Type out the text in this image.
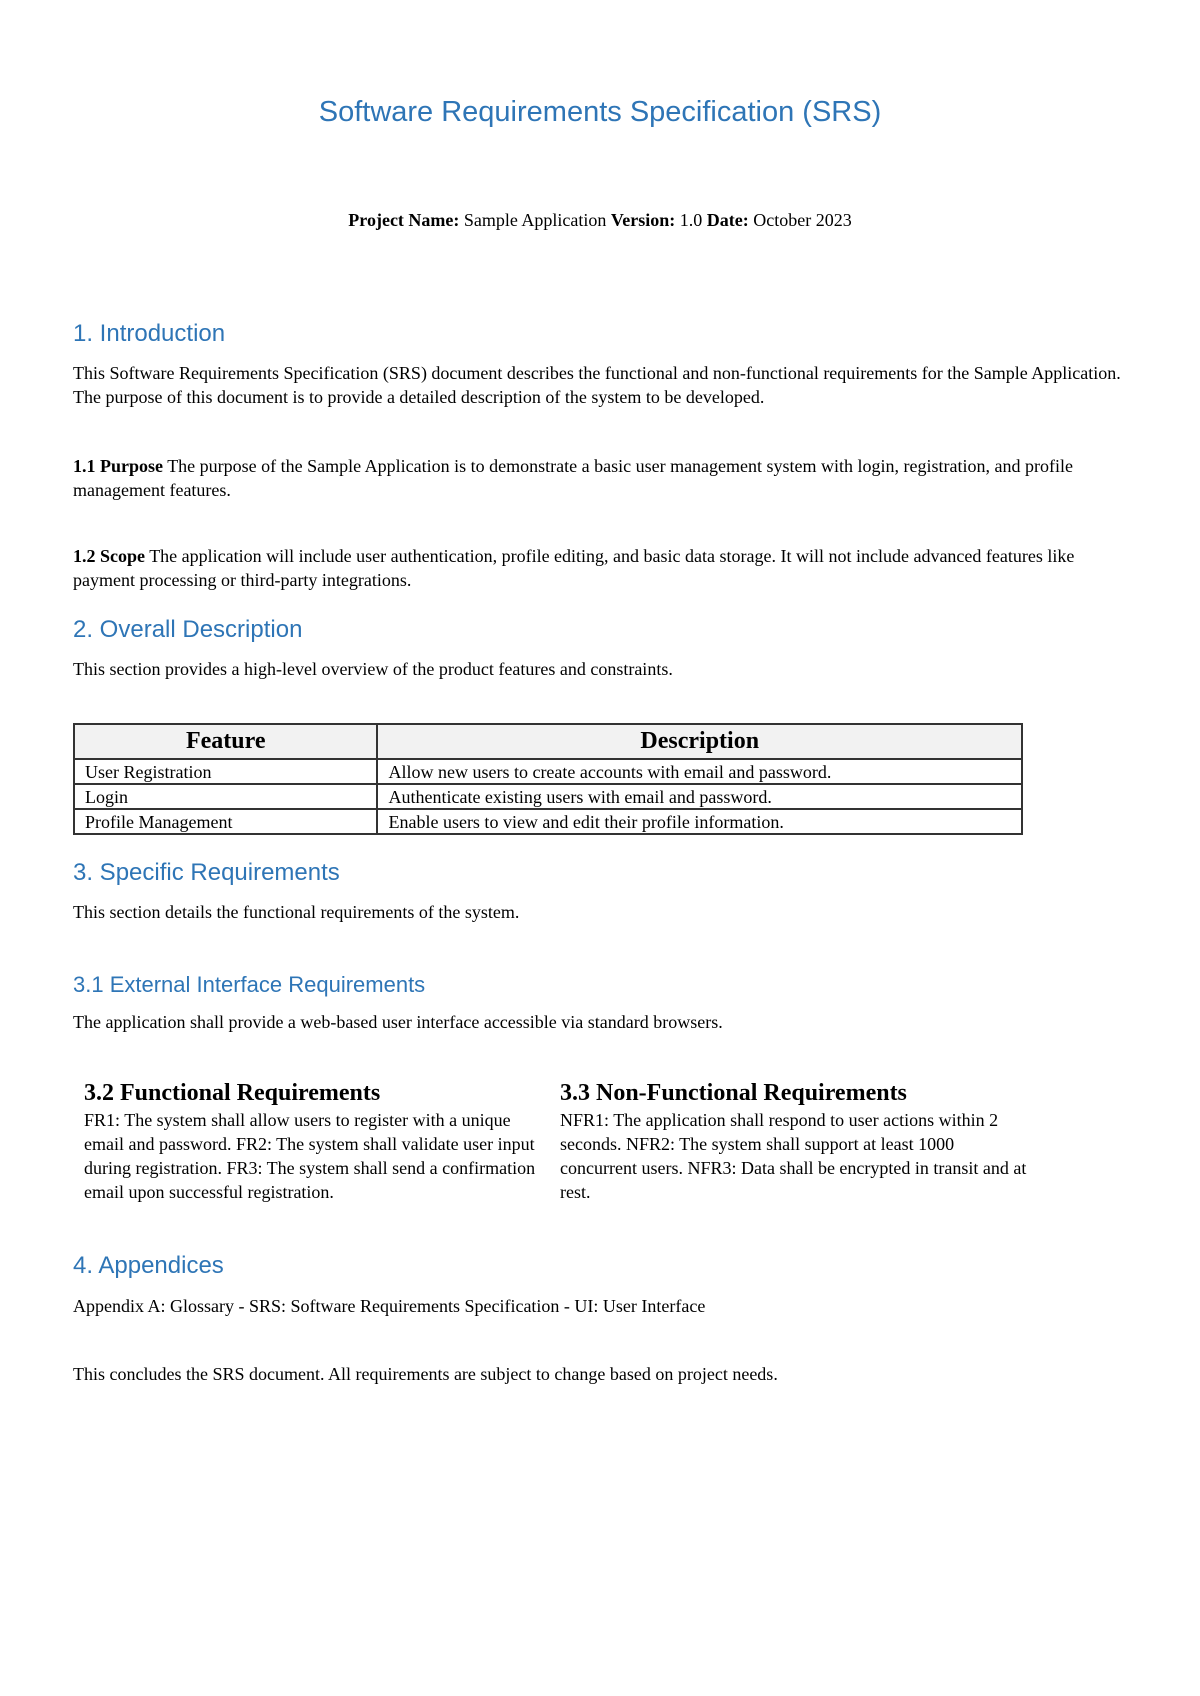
Software Requirements Specification (SRS)
Project Name: Sample Application Version: 1.0 Date: October 2023
1. Introduction
This Software Requirements Specification (SRS) document describes the functional and non-functional requirements for the Sample Application. The purpose of this document is to provide a detailed description of the system to be developed.
1.1 Purpose The purpose of the Sample Application is to demonstrate a basic user management system with login, registration, and profile management features.
1.2 Scope The application will include user authentication, profile editing, and basic data storage. It will not include advanced features like payment processing or third-party integrations.
2. Overall Description
This section provides a high-level overview of the product features and constraints.
Feature	Description
User Registration	Allow new users to create accounts with email and password.
Login	Authenticate existing users with email and password.
Profile Management	Enable users to view and edit their profile information.
3. Specific Requirements
This section details the functional requirements of the system.
3.1 External Interface Requirements
The application shall provide a web-based user interface accessible via standard browsers.
3.2 Functional Requirements

FR1: The system shall allow users to register with a unique email and password. FR2: The system shall validate user input during registration. FR3: The system shall send a confirmation email upon successful registration.

3.3 Non-Functional Requirements

NFR1: The application shall respond to user actions within 2 seconds. NFR2: The system shall support at least 1000 concurrent users. NFR3: Data shall be encrypted in transit and at rest.

4. Appendices
Appendix A: Glossary - SRS: Software Requirements Specification - UI: User Interface
This concludes the SRS document. All requirements are subject to change based on project needs.
